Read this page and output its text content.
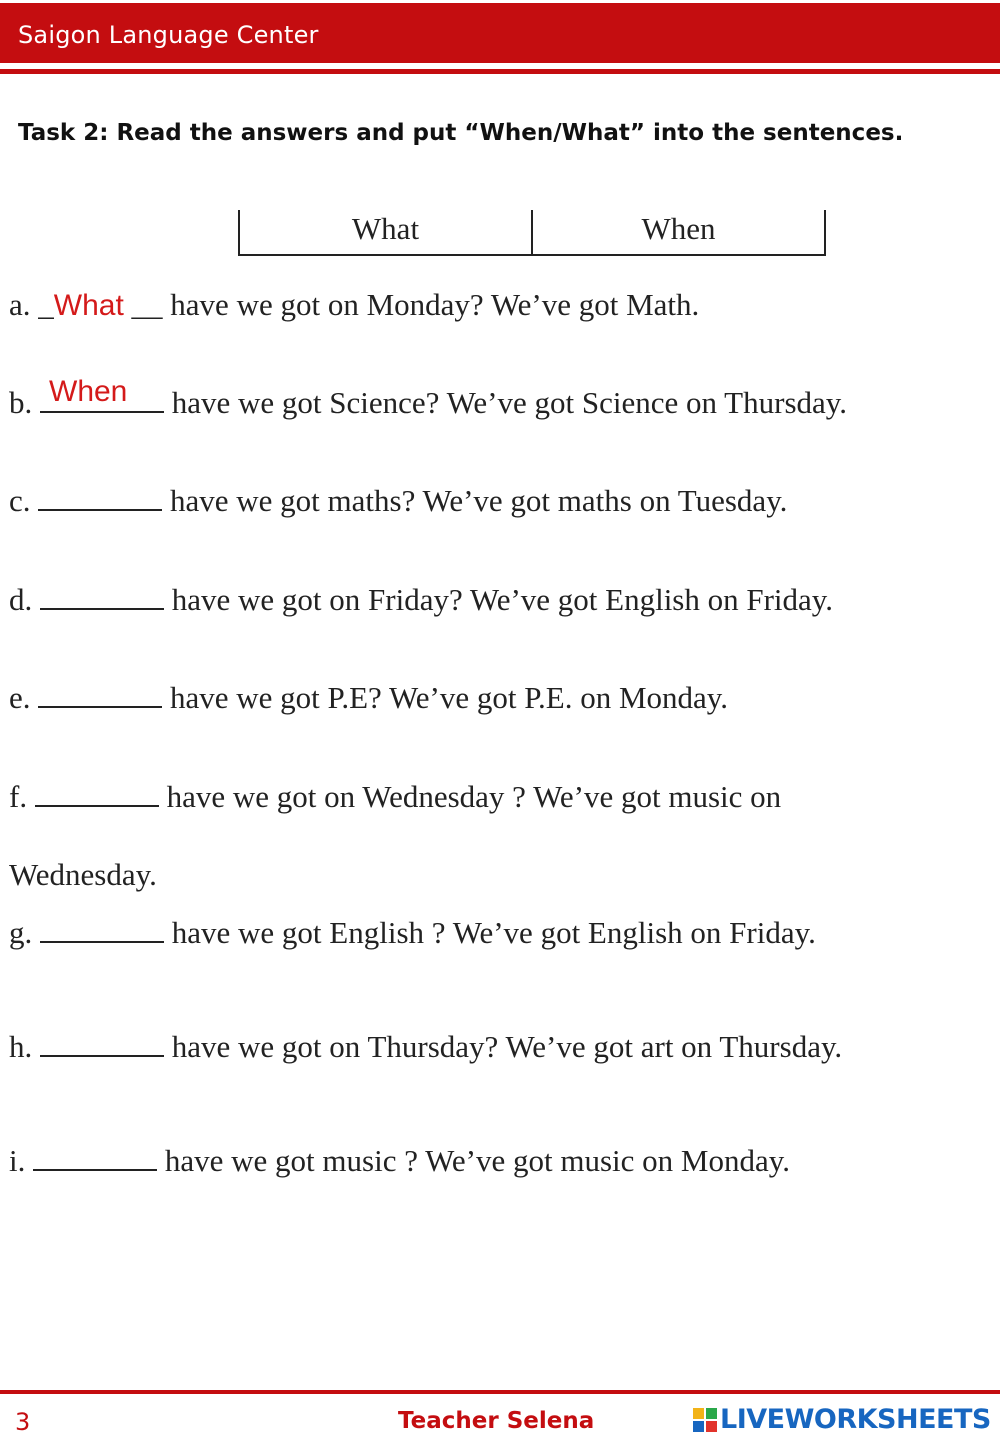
Saigon Language Center
Task 2: Read the answers and put “When/What” into the sentences.
What	When
a. _What __ have we got on Monday? We’ve got Math.
b. When have we got Science? We’ve got Science on Thursday.
c.	have we got maths? We’ve got maths on Tuesday.
d.	have we got on Friday? We’ve got English on Friday.
e.	have we got P.E? We’ve got P.E. on Monday.
f.	have we got on Wednesday ? We’ve got music on
Wednesday.
g.	have we got English ? We’ve got English on Friday.
h.	have we got on Thursday? We’ve got art on Thursday.
i.	have we got music ? We’ve got music on Monday.
3	Teacher Selena	LIVEWORKSHEETS
